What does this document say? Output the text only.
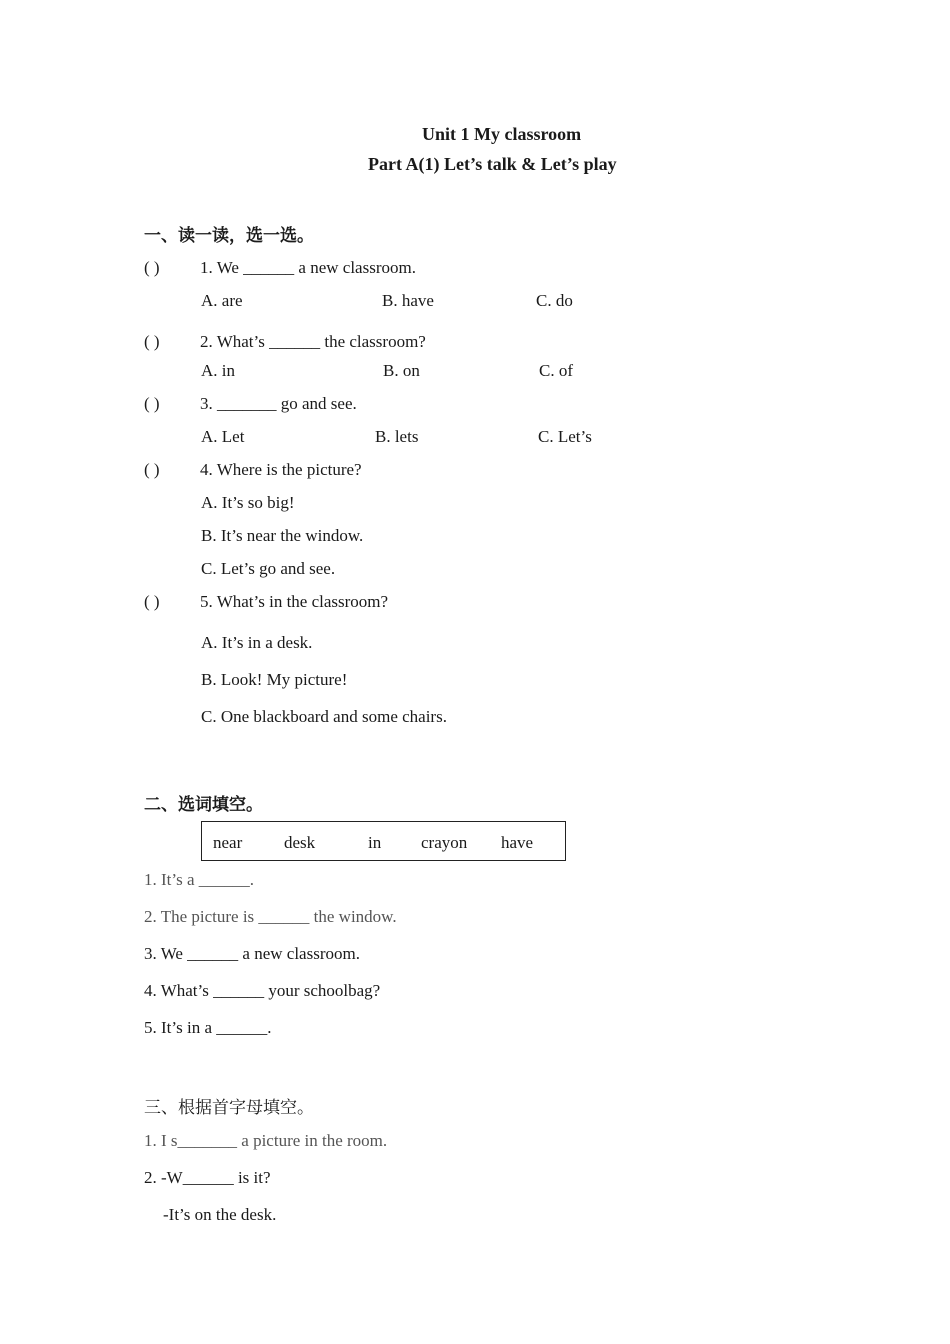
Unit 1 My classroom
Part A(1) Let’s talk & Let’s play
一、读一读，选一选。
( ) 1. We ______ a new classroom.
A. are	B. have	C. do
( ) 2. What’s ______ the classroom?
A. in	B. on	C. of
( ) 3. _______ go and see.
A. Let	B. lets	C. Let’s
( ) 4. Where is the picture?
A. It’s so big!
B. It’s near the window.
C. Let’s go and see.
( ) 5. What’s in the classroom?
A. It’s in a desk.
B. Look! My picture!
C. One blackboard and some chairs.
二、选词填空。
near desk	in crayon have
1. It’s a ______.
2. The picture is ______ the window.
3. We ______ a new classroom.
4. What’s ______ your schoolbag?
5. It’s in a ______.
三、根据首字母填空。
1. I s_______ a picture in the room.
2. -W______ is it?
-It’s on the desk.
